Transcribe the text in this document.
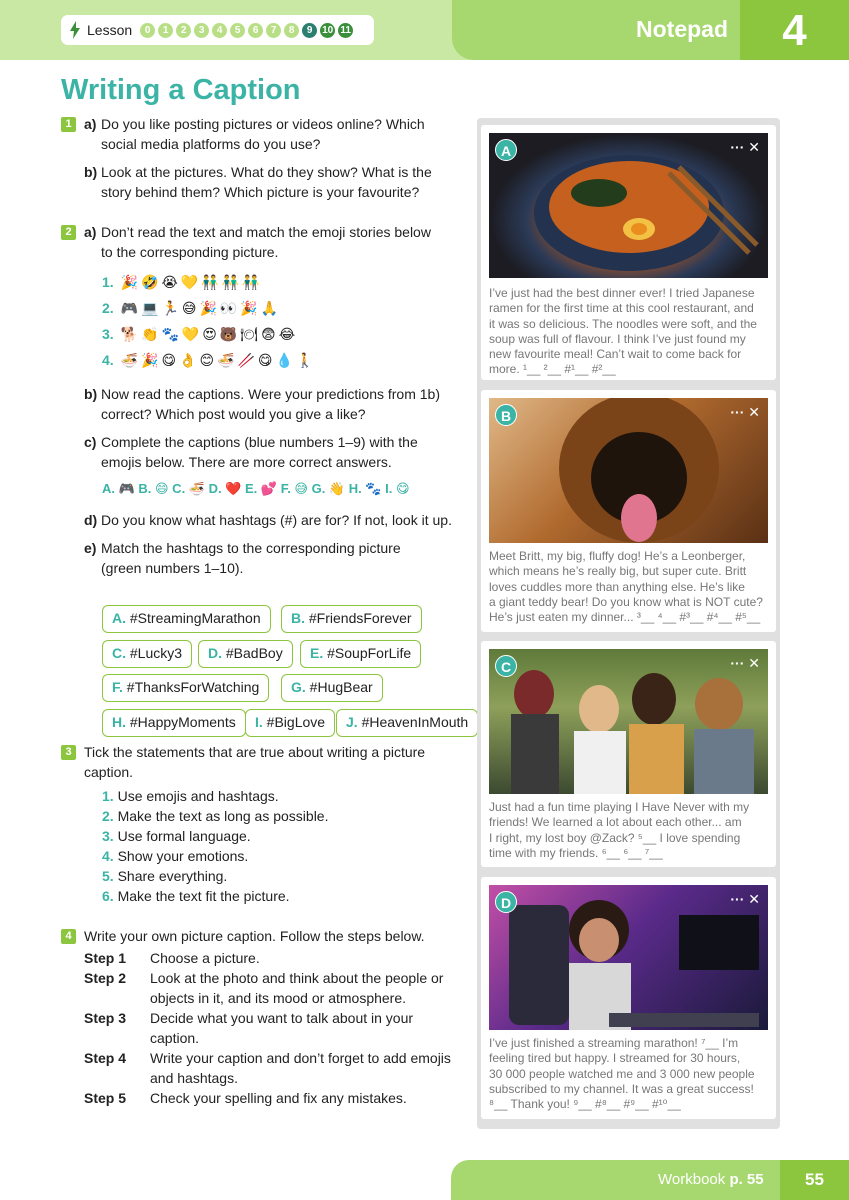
Notepad	4
Lesson	0	1	2	3	4	5	6	7	8	9 10 11
Writing a Caption
1 a) Do you like posting pictures or videos online? Which
social media platforms do you use?
b) Look at the pictures. What do they show? What is the
story behind them? Which picture is your favourite?
2 a) Don’t read the text and match the emoji stories below
to the corresponding picture.
1. 🎉🤣😭💛👬👬👬
2. 🎮💻🏃😅🎉👀🎉🙏
3. 🐕👏🐾💛😍🐻🍽😨😂
4. 🍜🎉😋👌😊🍜🥢😋💧🚶
b) Now read the captions. Were your predictions from 1b)
correct? Which post would you give a like?
c) Complete the captions (blue numbers 1–9) with the
emojis below. There are more correct answers.
A. 🎮 B. 😄 C. 🍜 D. ❤️ E. 💕 F. 😅 G. 👋 H. 🐾 I. 😋
d) Do you know what hashtags (#) are for? If not, look it up.
e) Match the hashtags to the corresponding picture
(green numbers 1–10).
A. #StreamingMarathon	B. #FriendsForever
C. #Lucky3	D. #BadBoy	E. #SoupForLife
F. #ThanksForWatching	G. #HugBear
H. #HappyMoments	I. #BigLove	J. #HeavenInMouth
3 Tick the statements that are true about writing a picture
caption.
1. Use emojis and hashtags.
2. Make the text as long as possible.
3. Use formal language.
4. Show your emotions.
5. Share everything.
6. Make the text fit the picture.
4 Write your own picture caption. Follow the steps below.
Step 1	Choose a picture.
Step 2	Look at the photo and think about the people or
objects in it, and its mood or atmosphere.
Step 3	Decide what you want to talk about in your
caption.
Step 4	Write your caption and don’t forget to add emojis
and hashtags.
Step 5	Check your spelling and fix any mistakes.
A	··· ✕
I’ve just had the best dinner ever! I tried Japanese
ramen for the first time at this cool restaurant, and
it was so delicious. The noodles were soft, and the
soup was full of flavour. I think I’ve just found my
new favourite meal! Can’t wait to come back for
more. ¹__ ²__ #¹__ #²__
B	··· ✕
Meet Britt, my big, fluffy dog! He’s a Leonberger,
which means he’s really big, but super cute. Britt
loves cuddles more than anything else. He’s like
a giant teddy bear! Do you know what is NOT cute?
He’s just eaten my dinner... ³__ ⁴__ #³__ #⁴__ #⁵__
C	··· ✕
Just had a fun time playing I Have Never with my
friends! We learned a lot about each other... am
I right, my lost boy @Zack? ⁵__ I love spending
time with my friends. ⁶__ ⁶__ ⁷__
D	··· ✕
I’ve just finished a streaming marathon! ⁷__ I’m
feeling tired but happy. I streamed for 30 hours,
30 000 people watched me and 3 000 new people
subscribed to my channel. It was a great success!
⁸__ Thank you! ⁹__ #⁸__ #⁹__ #¹⁰__
Workbook p. 55	55
